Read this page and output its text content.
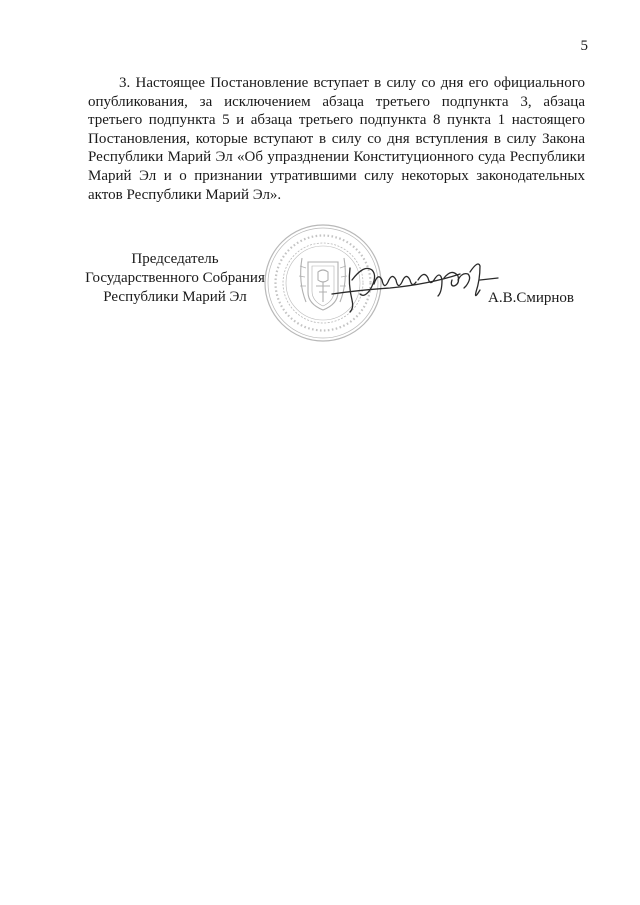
5

3. Настоящее Постановление вступает в силу со дня его официального опубликования, за исключением абзаца третьего подпункта 3, абзаца третьего подпункта 5 и абзаца третьего подпункта 8 пункта 1 настоящего Постановления, которые вступают в силу со дня вступления в силу Закона Республики Марий Эл «Об упразднении Конституционного суда Республики Марий Эл и о признании утратившими силу некоторых законодательных актов Республики Марий Эл».

Председатель
Государственного Собрания
Республики Марий Эл	А.В.Смирнов
